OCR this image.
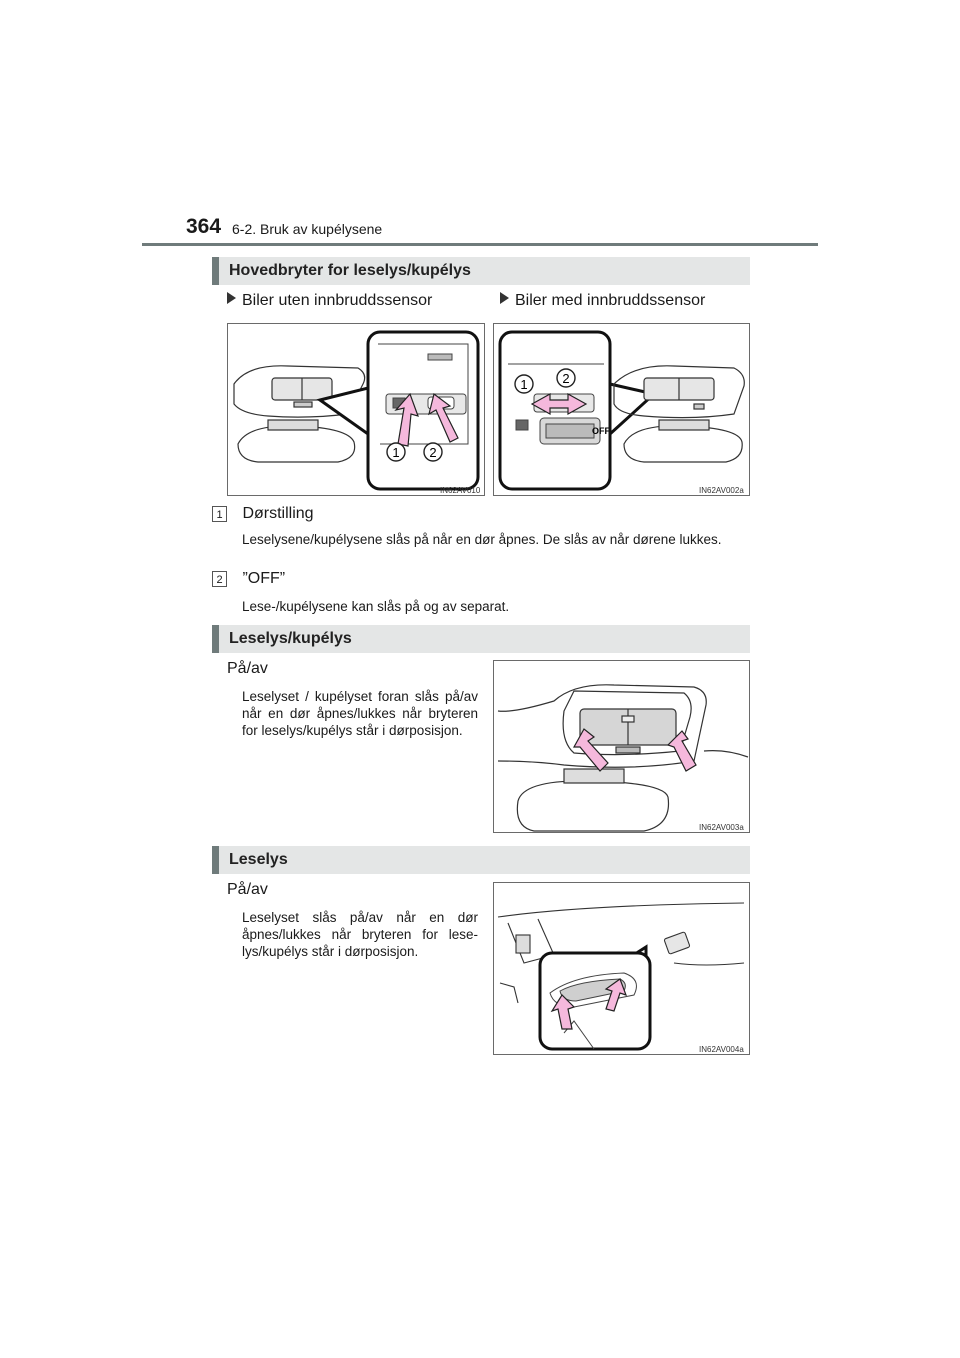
364 6-2. Bruk av kupélysene
Hovedbryter for leselys/kupélys
Biler uten innbruddssensor	Biler med innbruddssensor
1 2
IN62AV010
1	2
OFF
IN62AV002a
1 Dørstilling
Leselysene/kupélysene slås på når en dør åpnes. De slås av når dørene lukkes.
2 ”OFF”
Lese-/kupélysene kan slås på og av separat.
Leselys/kupélys
På/av
Leselyset / kupélyset foran slås på/av når en dør åpnes/lukkes når bryteren for leselys/kupélys står i dørposisjon.
IN62AV003a
Leselys
På/av
Leselyset slås på/av når en dør åpnes/lukkes når bryteren for lese-lys/kupélys står i dørposisjon.
IN62AV004a
